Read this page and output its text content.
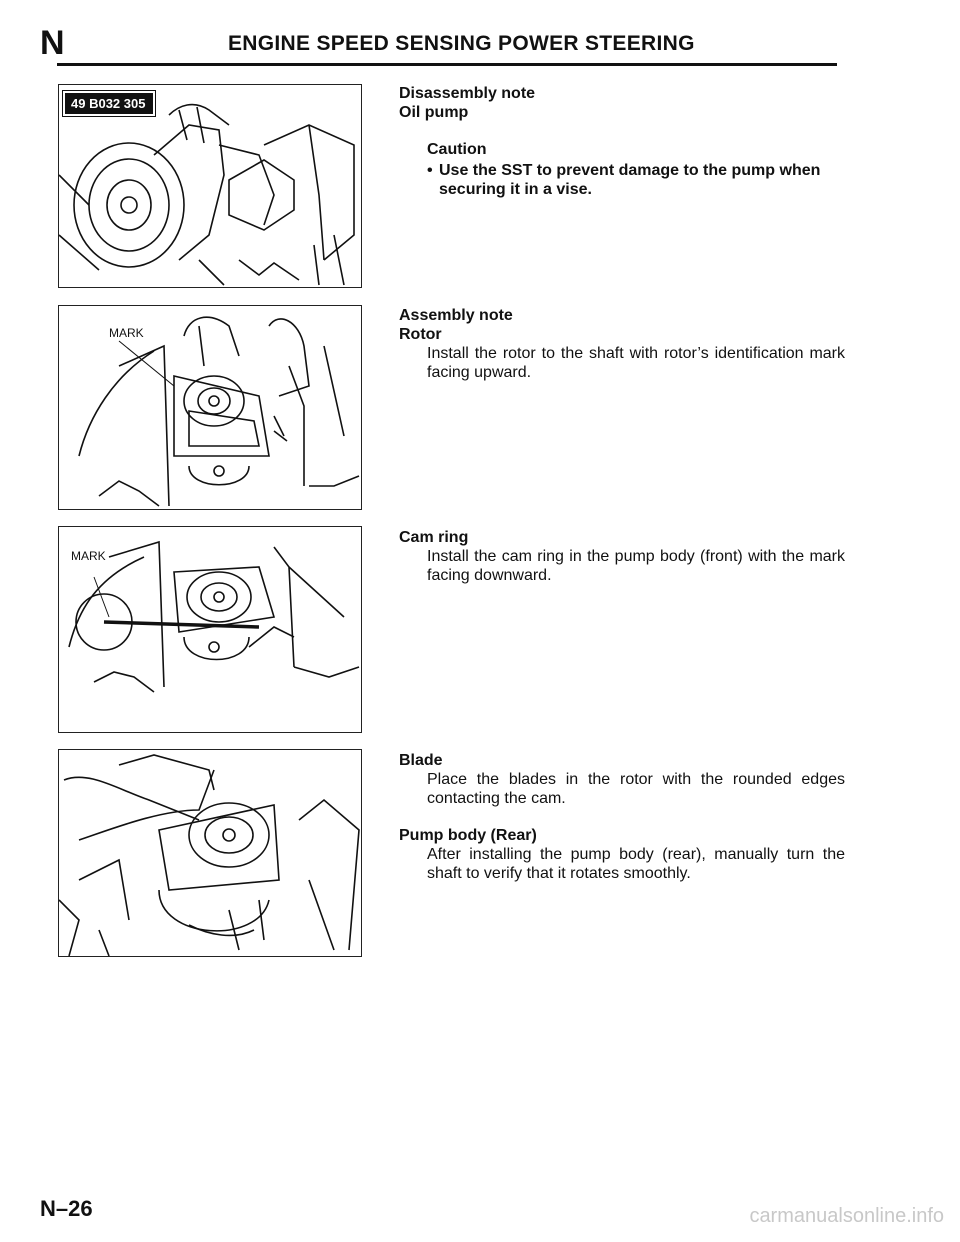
N	ENGINE SPEED SENSING POWER STEERING
49 B032 305
MARK
MARK

Disassembly note

Oil pump

Caution

• Use the SST to prevent damage to the pump when securing it in a vise.

Assembly note

Rotor

Install the rotor to the shaft with rotor’s identification mark facing upward.

Cam ring

Install the cam ring in the pump body (front) with the mark facing downward.

Blade

Place the blades in the rotor with the rounded edges contacting the cam.

Pump body (Rear)

After installing the pump body (rear), manually turn the shaft to verify that it rotates smoothly.

N–26	carmanualsonline.info
